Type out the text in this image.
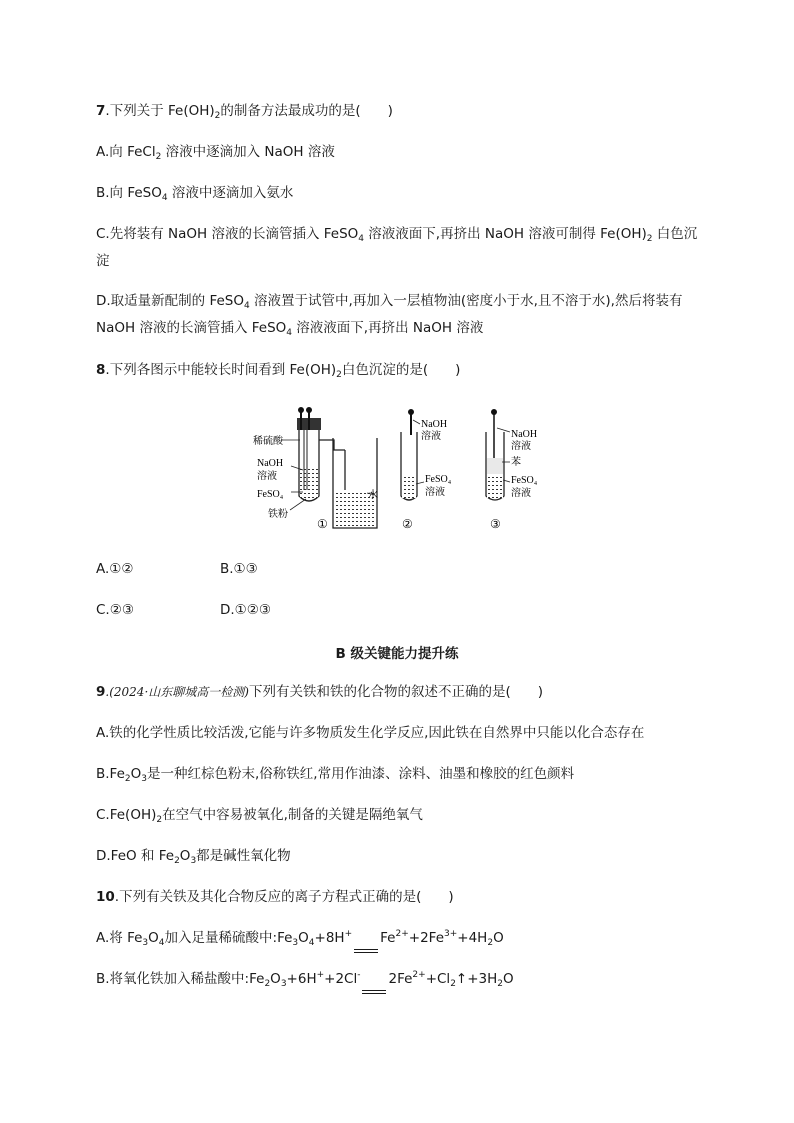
7.下列关于 $Fe(OH)_2$的制备方法最成功的是(　　)
A.向 FeCl$_2$ 溶液中逐滴加入 NaOH 溶液
B.向 FeSO$_4$ 溶液中逐滴加入氨水
C.先将装有 NaOH 溶液的长滴管插入 FeSO$_4$ 溶液液面下,再挤出 NaOH 溶液可制得 $Fe(OH)_2$ 白色沉
淀
D.取适量新配制的 FeSO$_4$ 溶液置于试管中,再加入一层植物油(密度小于水,且不溶于水),然后将装有
NaOH 溶液的长滴管插入 FeSO$_4$ 溶液液面下,再挤出 NaOH 溶液
8.下列各图示中能较长时间看到 $Fe(OH)_2$白色沉淀的是(　　)
稀硫酸
NaOH
溶液
FeSO₄
铁粉
水
①
NaOH
溶液
FeSO₄
溶液
②
NaOH
溶液
苯
FeSO₄
溶液
③
A.①②	B.①③
C.②③	D.①②③
B 级关键能力提升练
9.(2024·山东聊城高一检测)下列有关铁和铁的化合物的叙述不正确的是(　　)
A.铁的化学性质比较活泼,它能与许多物质发生化学反应,因此铁在自然界中只能以化合态存在
$B.Fe_2O_3$是一种红棕色粉末,俗称铁红,常用作油漆、涂料、油墨和橡胶的红色颜料
$C.Fe(OH)_2$在空气中容易被氧化,制备的关键是隔绝氧气
D.FeO 和 $Fe_2O_3$都是碱性氧化物
10.下列有关铁及其化合物反应的离子方程式正确的是(　　)
A.将 $Fe_3O_4$加入足量稀硫酸中$:Fe_3O_4+8H^+$ $Fe^{2+}+2Fe^{3+}+4H_2O$
B.将氧化铁加入稀盐酸中$:Fe_2O_3+6H^++2Cl^-$ $2Fe^{2+}+Cl_2↑+3H_2O$
